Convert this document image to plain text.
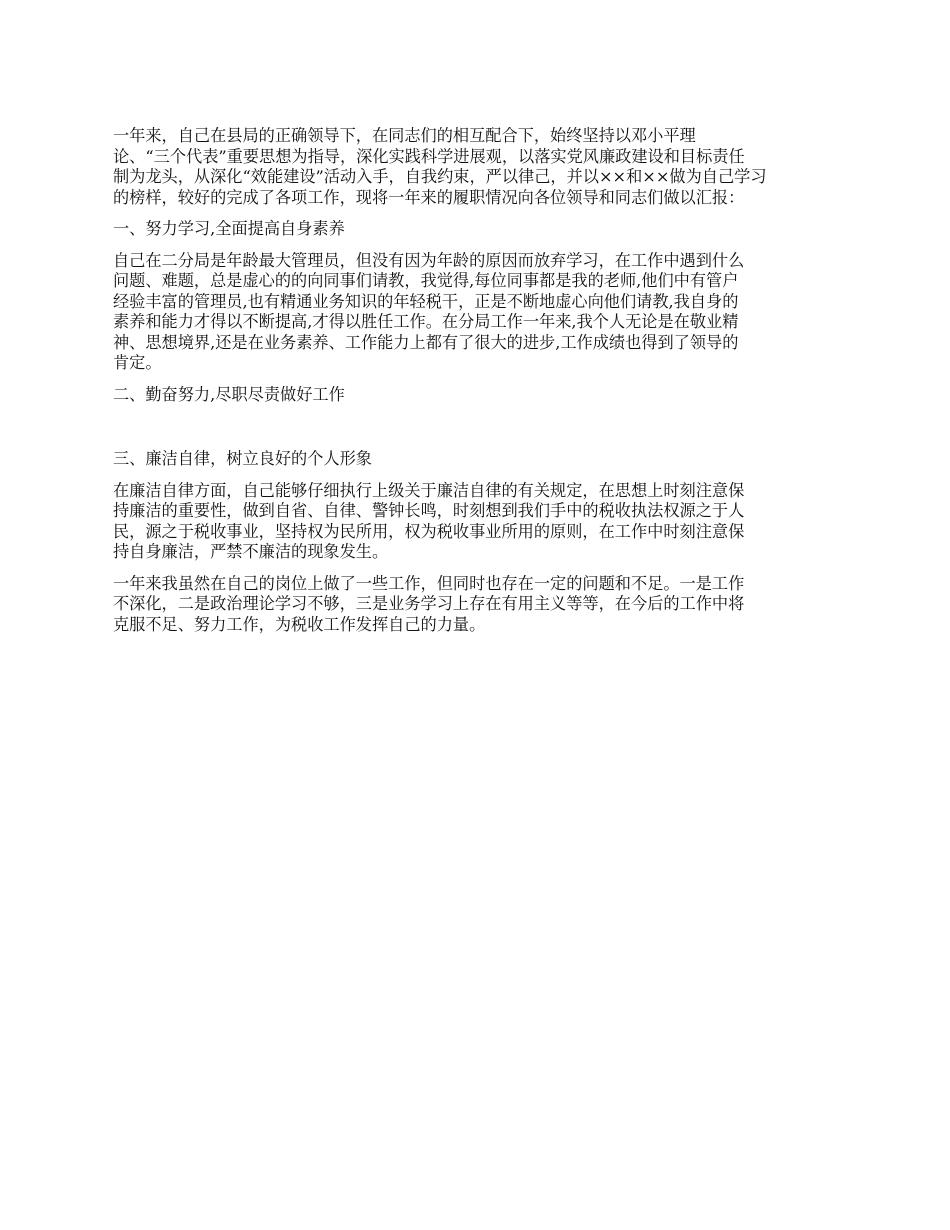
一年来，自己在县局的正确领导下，在同志们的相互配合下，始终坚持以邓小平理
论、“三个代表”重要思想为指导，深化实践科学进展观，以落实党风廉政建设和目标责任
制为龙头，从深化“效能建设”活动入手，自我约束，严以律己，并以××和××做为自己学习
的榜样，较好的完成了各项工作，现将一年来的履职情况向各位领导和同志们做以汇报：

一、努力学习,全面提高自身素养

自己在二分局是年龄最大管理员，但没有因为年龄的原因而放弃学习，在工作中遇到什么
问题、难题，总是虚心的的向同事们请教，我觉得,每位同事都是我的老师,他们中有管户
经验丰富的管理员,也有精通业务知识的年轻税干，正是不断地虚心向他们请教,我自身的
素养和能力才得以不断提高,才得以胜任工作。在分局工作一年来,我个人无论是在敬业精
神、思想境界,还是在业务素养、工作能力上都有了很大的进步,工作成绩也得到了领导的
肯定。

二、勤奋努力,尽职尽责做好工作

三、廉洁自律，树立良好的个人形象

在廉洁自律方面，自己能够仔细执行上级关于廉洁自律的有关规定，在思想上时刻注意保
持廉洁的重要性，做到自省、自律、警钟长鸣，时刻想到我们手中的税收执法权源之于人
民，源之于税收事业，坚持权为民所用，权为税收事业所用的原则，在工作中时刻注意保
持自身廉洁，严禁不廉洁的现象发生。

一年来我虽然在自己的岗位上做了一些工作，但同时也存在一定的问题和不足。一是工作
不深化，二是政治理论学习不够，三是业务学习上存在有用主义等等，在今后的工作中将
克服不足、努力工作，为税收工作发挥自己的力量。
